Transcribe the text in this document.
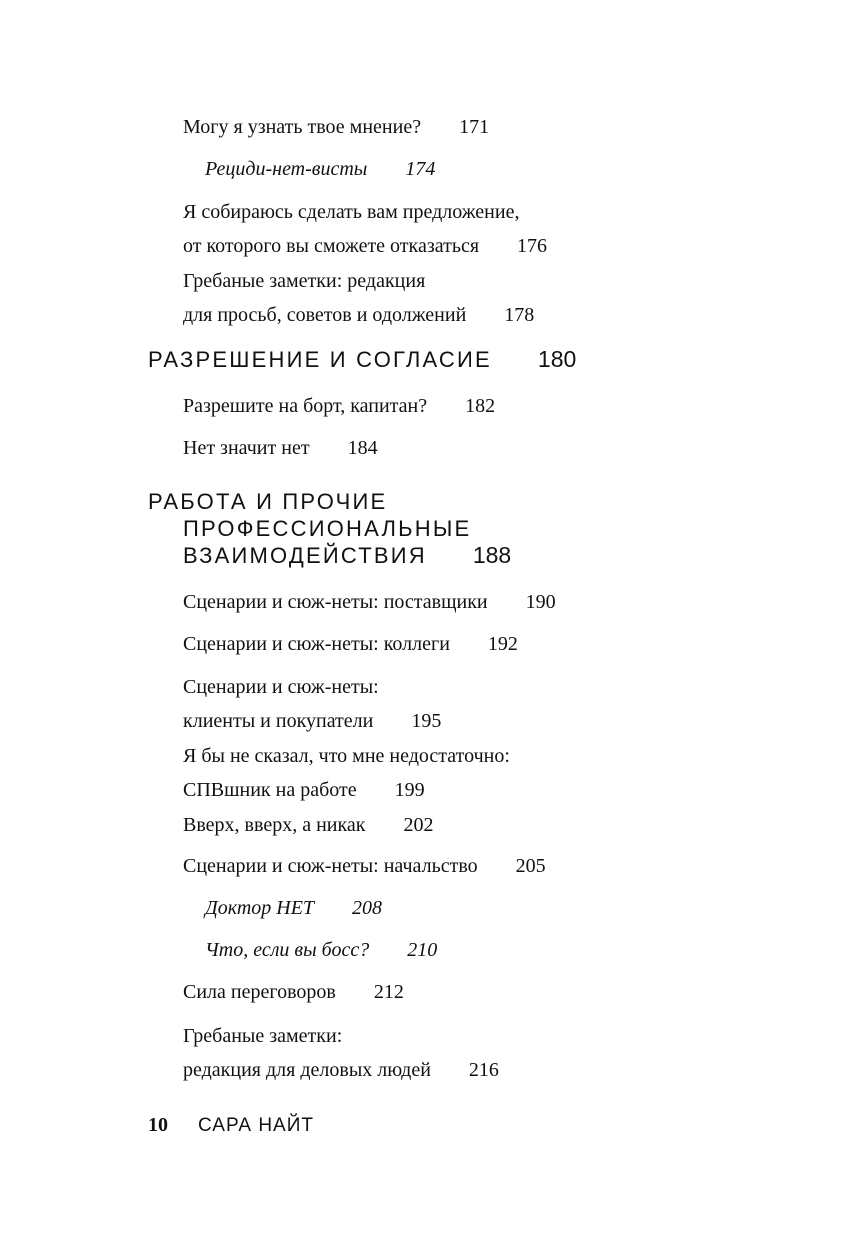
Могу я узнать твое мнение? 171
Рециди-нет-висты 174
Я собираюсь сделать вам предложение,
от которого вы сможете отказаться 176
Гребаные заметки: редакция
для просьб, советов и одолжений 178
РАЗРЕШЕНИЕ И СОГЛАСИЕ 180
Разрешите на борт, капитан? 182
Нет значит нет 184
РАБОТА И ПРОЧИЕ
ПРОФЕССИОНАЛЬНЫЕ
ВЗАИМОДЕЙСТВИЯ 188
Сценарии и сюж-неты: поставщики 190
Сценарии и сюж-неты: коллеги 192
Сценарии и сюж-неты:
клиенты и покупатели 195
Я бы не сказал, что мне недостаточно:
СПВшник на работе 199
Вверх, вверх, а никак 202
Сценарии и сюж-неты: начальство 205
Доктор НЕТ 208
Что, если вы босс? 210
Сила переговоров 212
Гребаные заметки:
редакция для деловых людей 216
10 САРА НАЙТ
